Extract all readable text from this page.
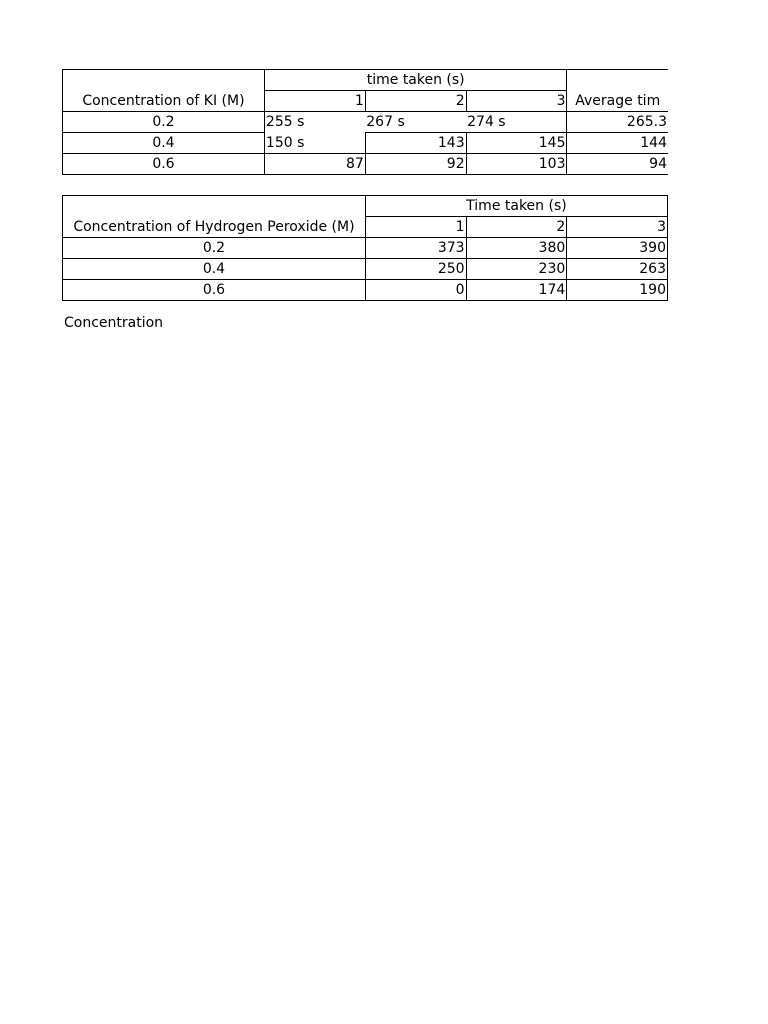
	time taken (s)			
Concentration of KI (M)	1	2	3	Average tim
0.2	255 s	267 s	274 s	265.3
0.4	150 s	143	145	144
0.6	87	92	103	94
	Time taken (s)		
Concentration of Hydrogen Peroxide (M)	1	2	3
0.2	373	380	390
0.4	250	230	263
0.6	0	174	190
Concentration
